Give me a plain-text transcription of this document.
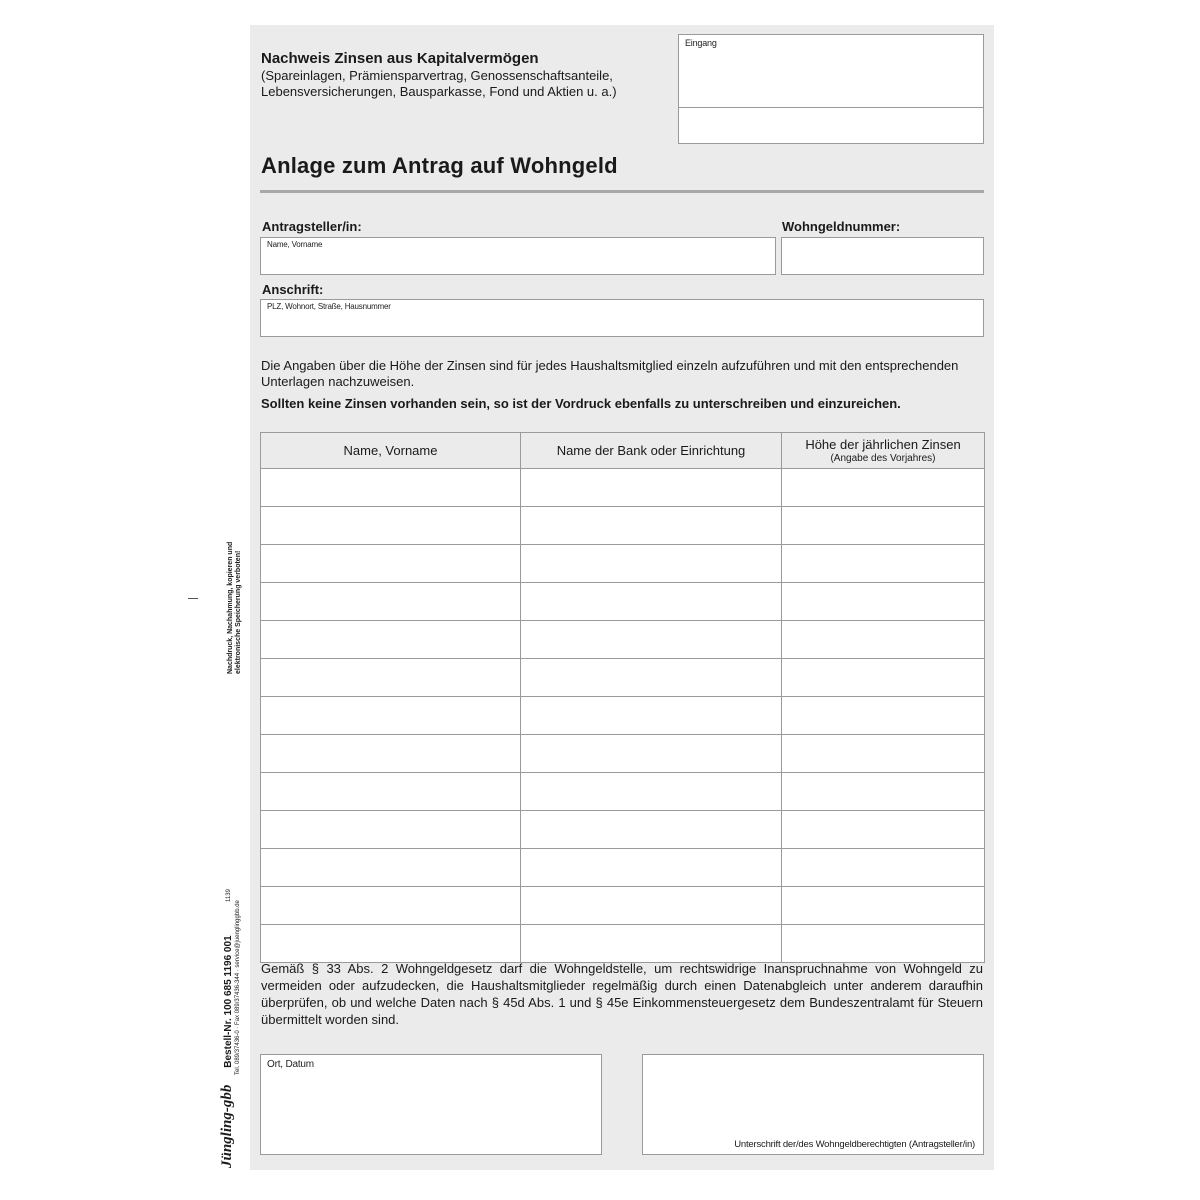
Nachweis Zinsen aus Kapitalvermögen
(Spareinlagen, Prämiensparvertrag, Genossenschaftsanteile,
Lebensversicherungen, Bausparkasse, Fond und Aktien u. a.)
Eingang
Anlage zum Antrag auf Wohngeld
Antragsteller/in:
Name, Vorname
Wohngeldnummer:
Anschrift:
PLZ, Wohnort, Straße, Hausnummer
Die Angaben über die Höhe der Zinsen sind für jedes Haushaltsmitglied einzeln aufzuführen und mit den entsprechenden
Unterlagen nachzuweisen.
Sollten keine Zinsen vorhanden sein, so ist der Vordruck ebenfalls zu unterschreiben und einzureichen.
Name, Vorname	Name der Bank oder Einrichtung	Höhe der jährlichen Zinsen
(Angabe des Vorjahres)

Gemäß § 33 Abs. 2 Wohngeldgesetz darf die Wohngeldstelle, um rechtswidrige Inanspruchnahme von Wohngeld zu vermeiden oder aufzudecken, die Haushaltsmitglieder regelmäßig durch einen Datenabgleich unter anderem daraufhin überprüfen, ob und welche Daten nach § 45d Abs. 1 und § 45e Einkommensteuergesetz dem Bundeszentralamt für Steuern übermittelt worden sind.
Ort, Datum
Unterschrift der/des Wohngeldberechtigten (Antragsteller/in)
Nachdruck, Nachahmung, kopieren und elektronische Speicherung verboten!
Jüngling-gbb  Bestell-Nr. 100 685 1196 001 Tel. 089/37436-0 · Fax 089/37436-344 · service@juenglinggbb.de
1139
